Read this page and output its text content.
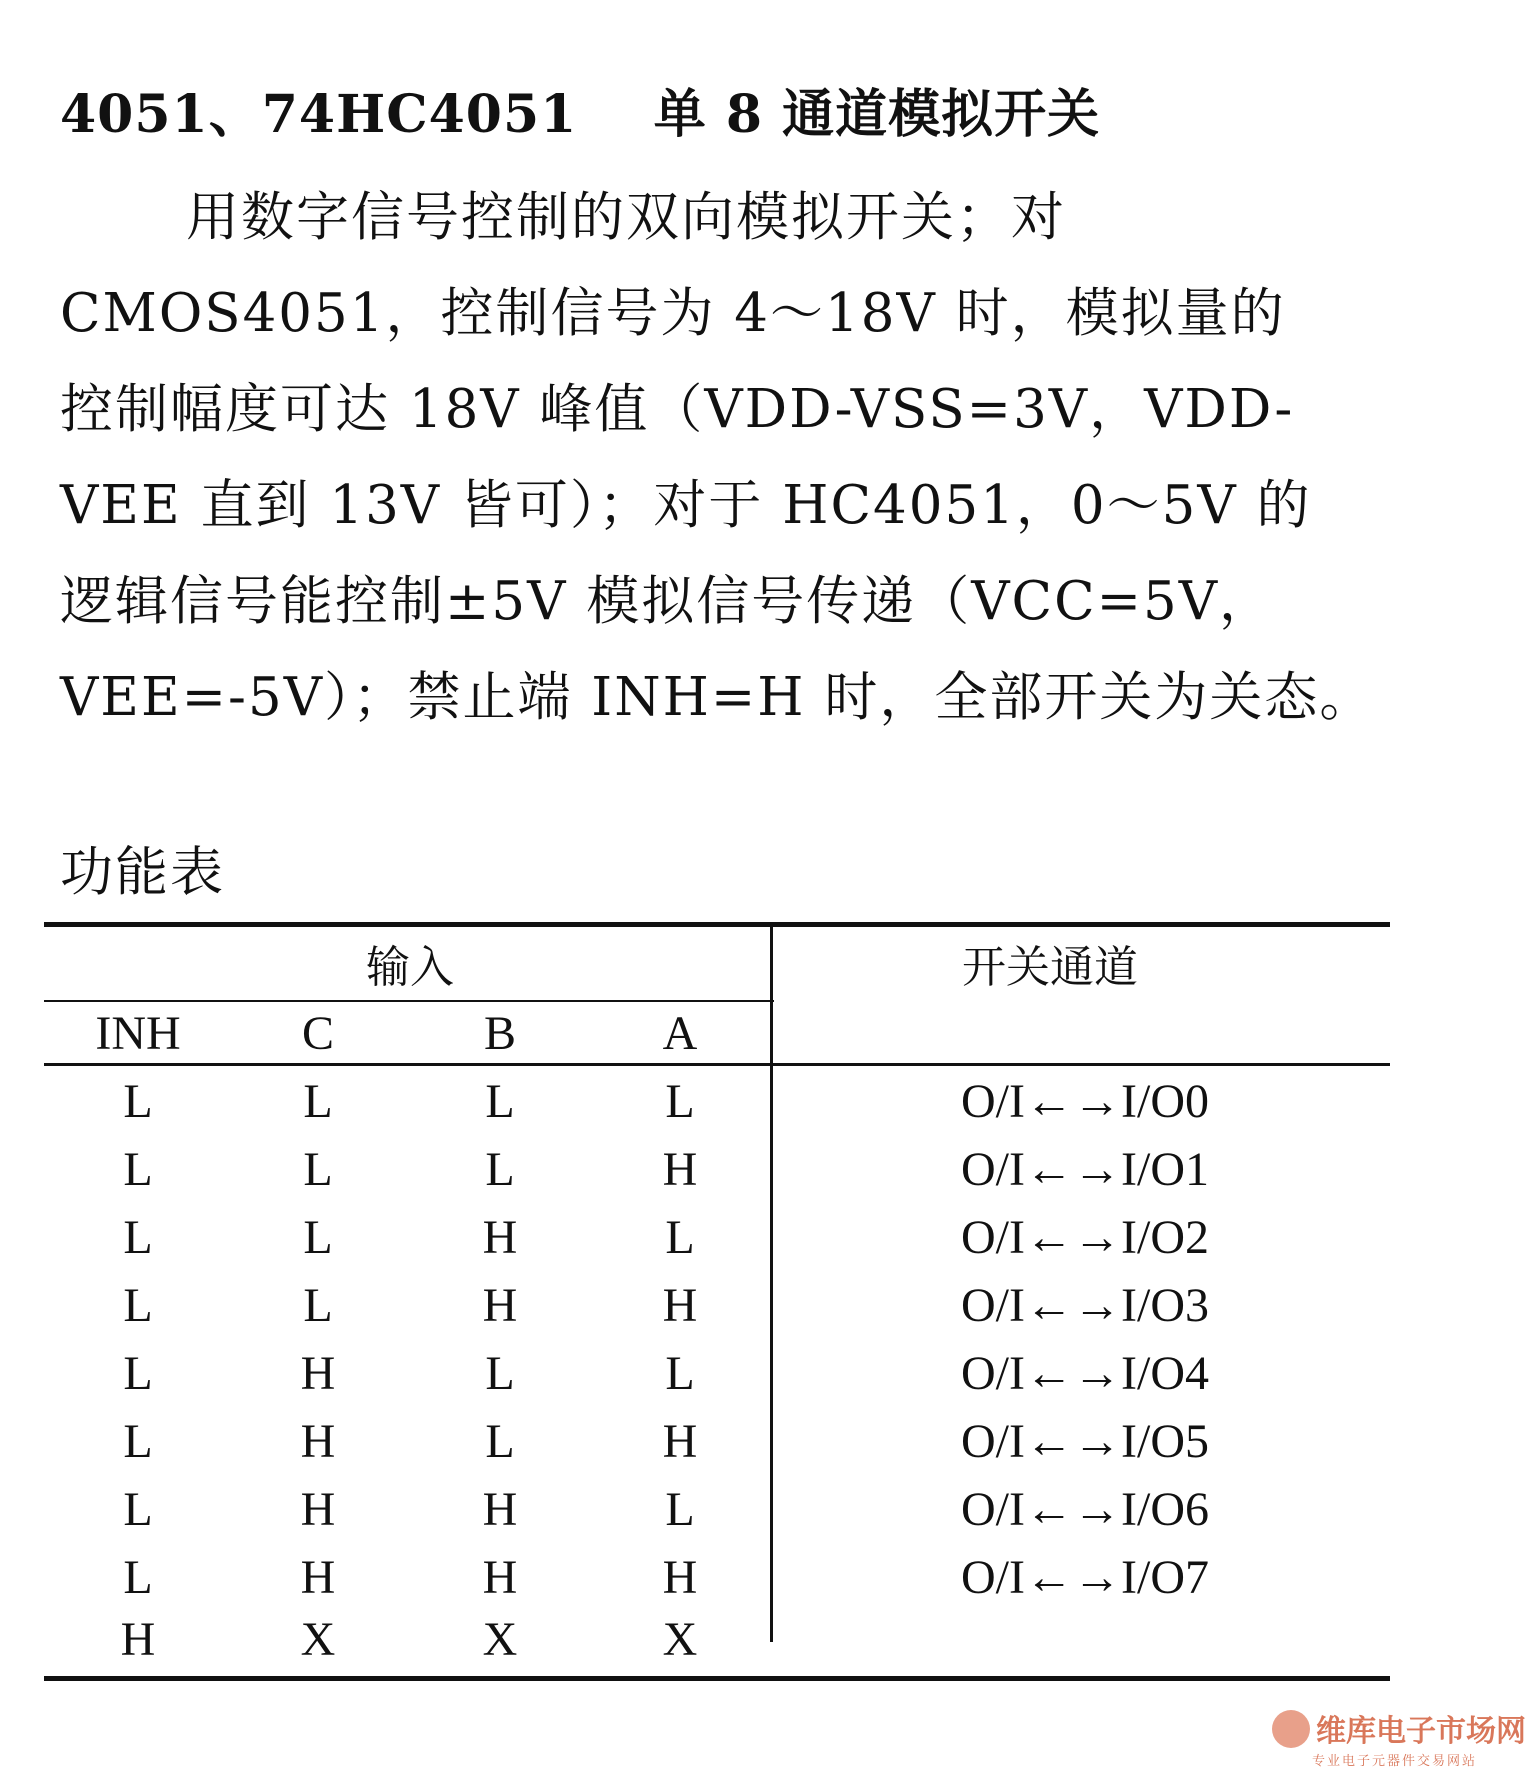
4051、74HC4051    单 8 通道模拟开关
用数字信号控制的双向模拟开关；对
CMOS4051，控制信号为 4～18V 时，模拟量的
控制幅度可达 18V 峰值（VDD-VSS=3V，VDD-
VEE 直到 13V 皆可）；对于 HC4051，0～5V 的
逻辑信号能控制±5V 模拟信号传递（VCC=5V，
VEE=-5V）；禁止端 INH=H 时，全部开关为关态。
功能表
输入	开关通道
INH	C	B	A
L	L	L	L	O/I←→I/O0
L	L	L	H	O/I←→I/O1
L	L	H	L	O/I←→I/O2
L	L	H	H	O/I←→I/O3
L	H	L	L	O/I←→I/O4
L	H	L	H	O/I←→I/O5
L	H	H	L	O/I←→I/O6
L	H	H	H	O/I←→I/O7
H	X	X	X
维库电子市场网
专业电子元器件交易网站
